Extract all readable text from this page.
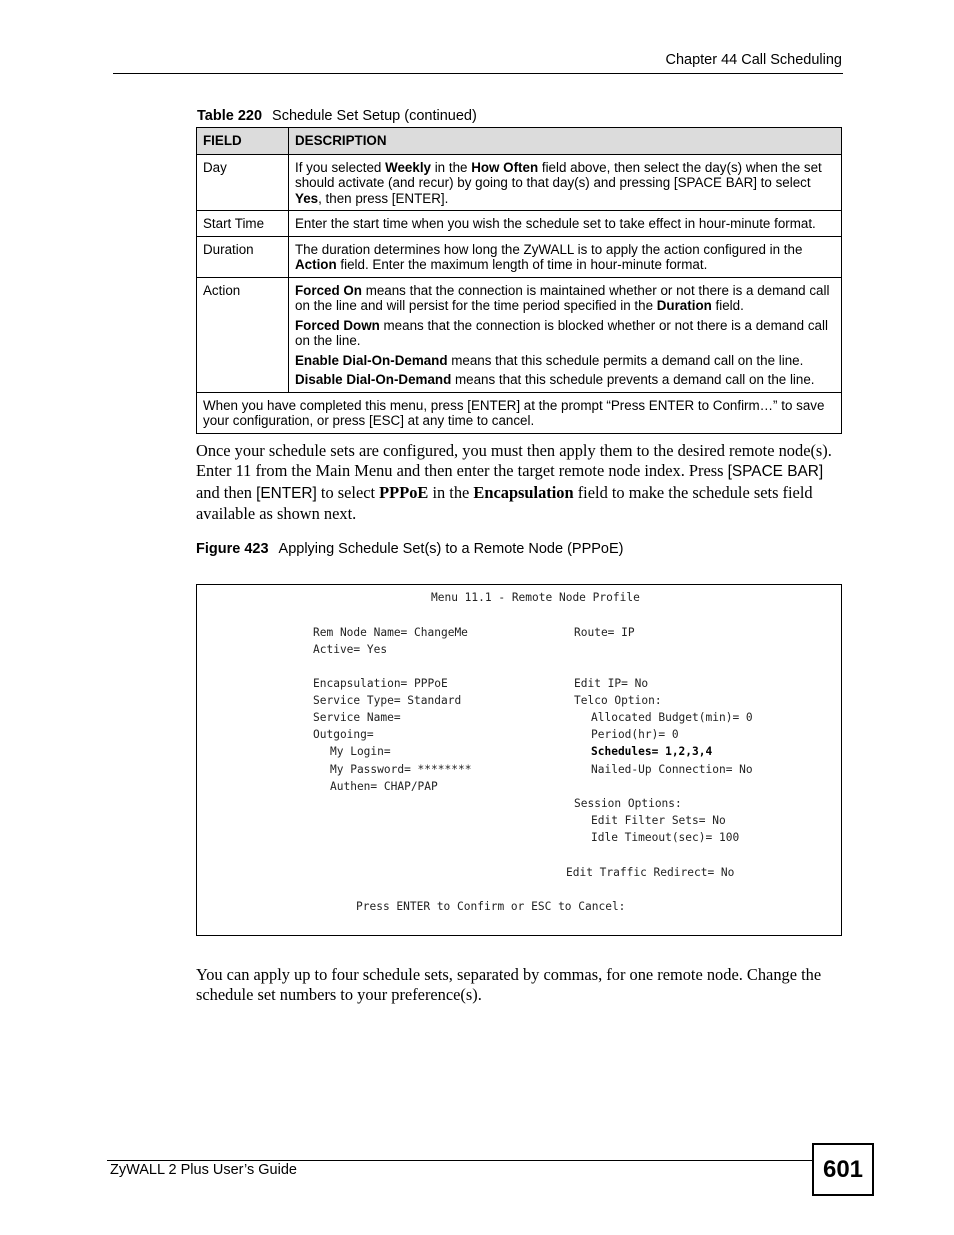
Chapter 44 Call Scheduling
Table 220 Schedule Set Setup (continued)
FIELD	DESCRIPTION
Day	If you selected Weekly in the How Often field above, then select the day(s) when the set should activate (and recur) by going to that day(s) and pressing [SPACE BAR] to select Yes, then press [ENTER].
Start Time	Enter the start time when you wish the schedule set to take effect in hour-minute format.
Duration	The duration determines how long the ZyWALL is to apply the action configured in the Action field. Enter the maximum length of time in hour-minute format.
Action	Forced On means that the connection is maintained whether or not there is a demand call on the line and will persist for the time period specified in the Duration field.
Forced Down means that the connection is blocked whether or not there is a demand call on the line.
Enable Dial-On-Demand means that this schedule permits a demand call on the line.
Disable Dial-On-Demand means that this schedule prevents a demand call on the line.

When you have completed this menu, press [ENTER] at the prompt “Press ENTER to Confirm…” to save your configuration, or press [ESC] at any time to cancel.	
Once your schedule sets are configured, you must then apply them to the desired remote node(s). Enter 11 from the Main Menu and then enter the target remote node index. Press [SPACE BAR] and then [ENTER] to select PPPoE in the Encapsulation field to make the schedule sets field available as shown next.
Figure 423 Applying Schedule Set(s) to a Remote Node (PPPoE)
Menu 11.1 - Remote Node Profile
Rem Node Name= ChangeMe	Route= IP
Active= Yes
Encapsulation= PPPoE	Edit IP= No
Service Type= Standard	Telco Option:
Service Name=	Allocated Budget(min)= 0
Outgoing=	Period(hr)= 0
My Login=	Schedules= 1,2,3,4
My Password= ********	Nailed-Up Connection= No
Authen= CHAP/PAP
Session Options:
Edit Filter Sets= No
Idle Timeout(sec)= 100
Edit Traffic Redirect= No
Press ENTER to Confirm or ESC to Cancel:
You can apply up to four schedule sets, separated by commas, for one remote node. Change the schedule set numbers to your preference(s).
ZyWALL 2 Plus User’s Guide	601
